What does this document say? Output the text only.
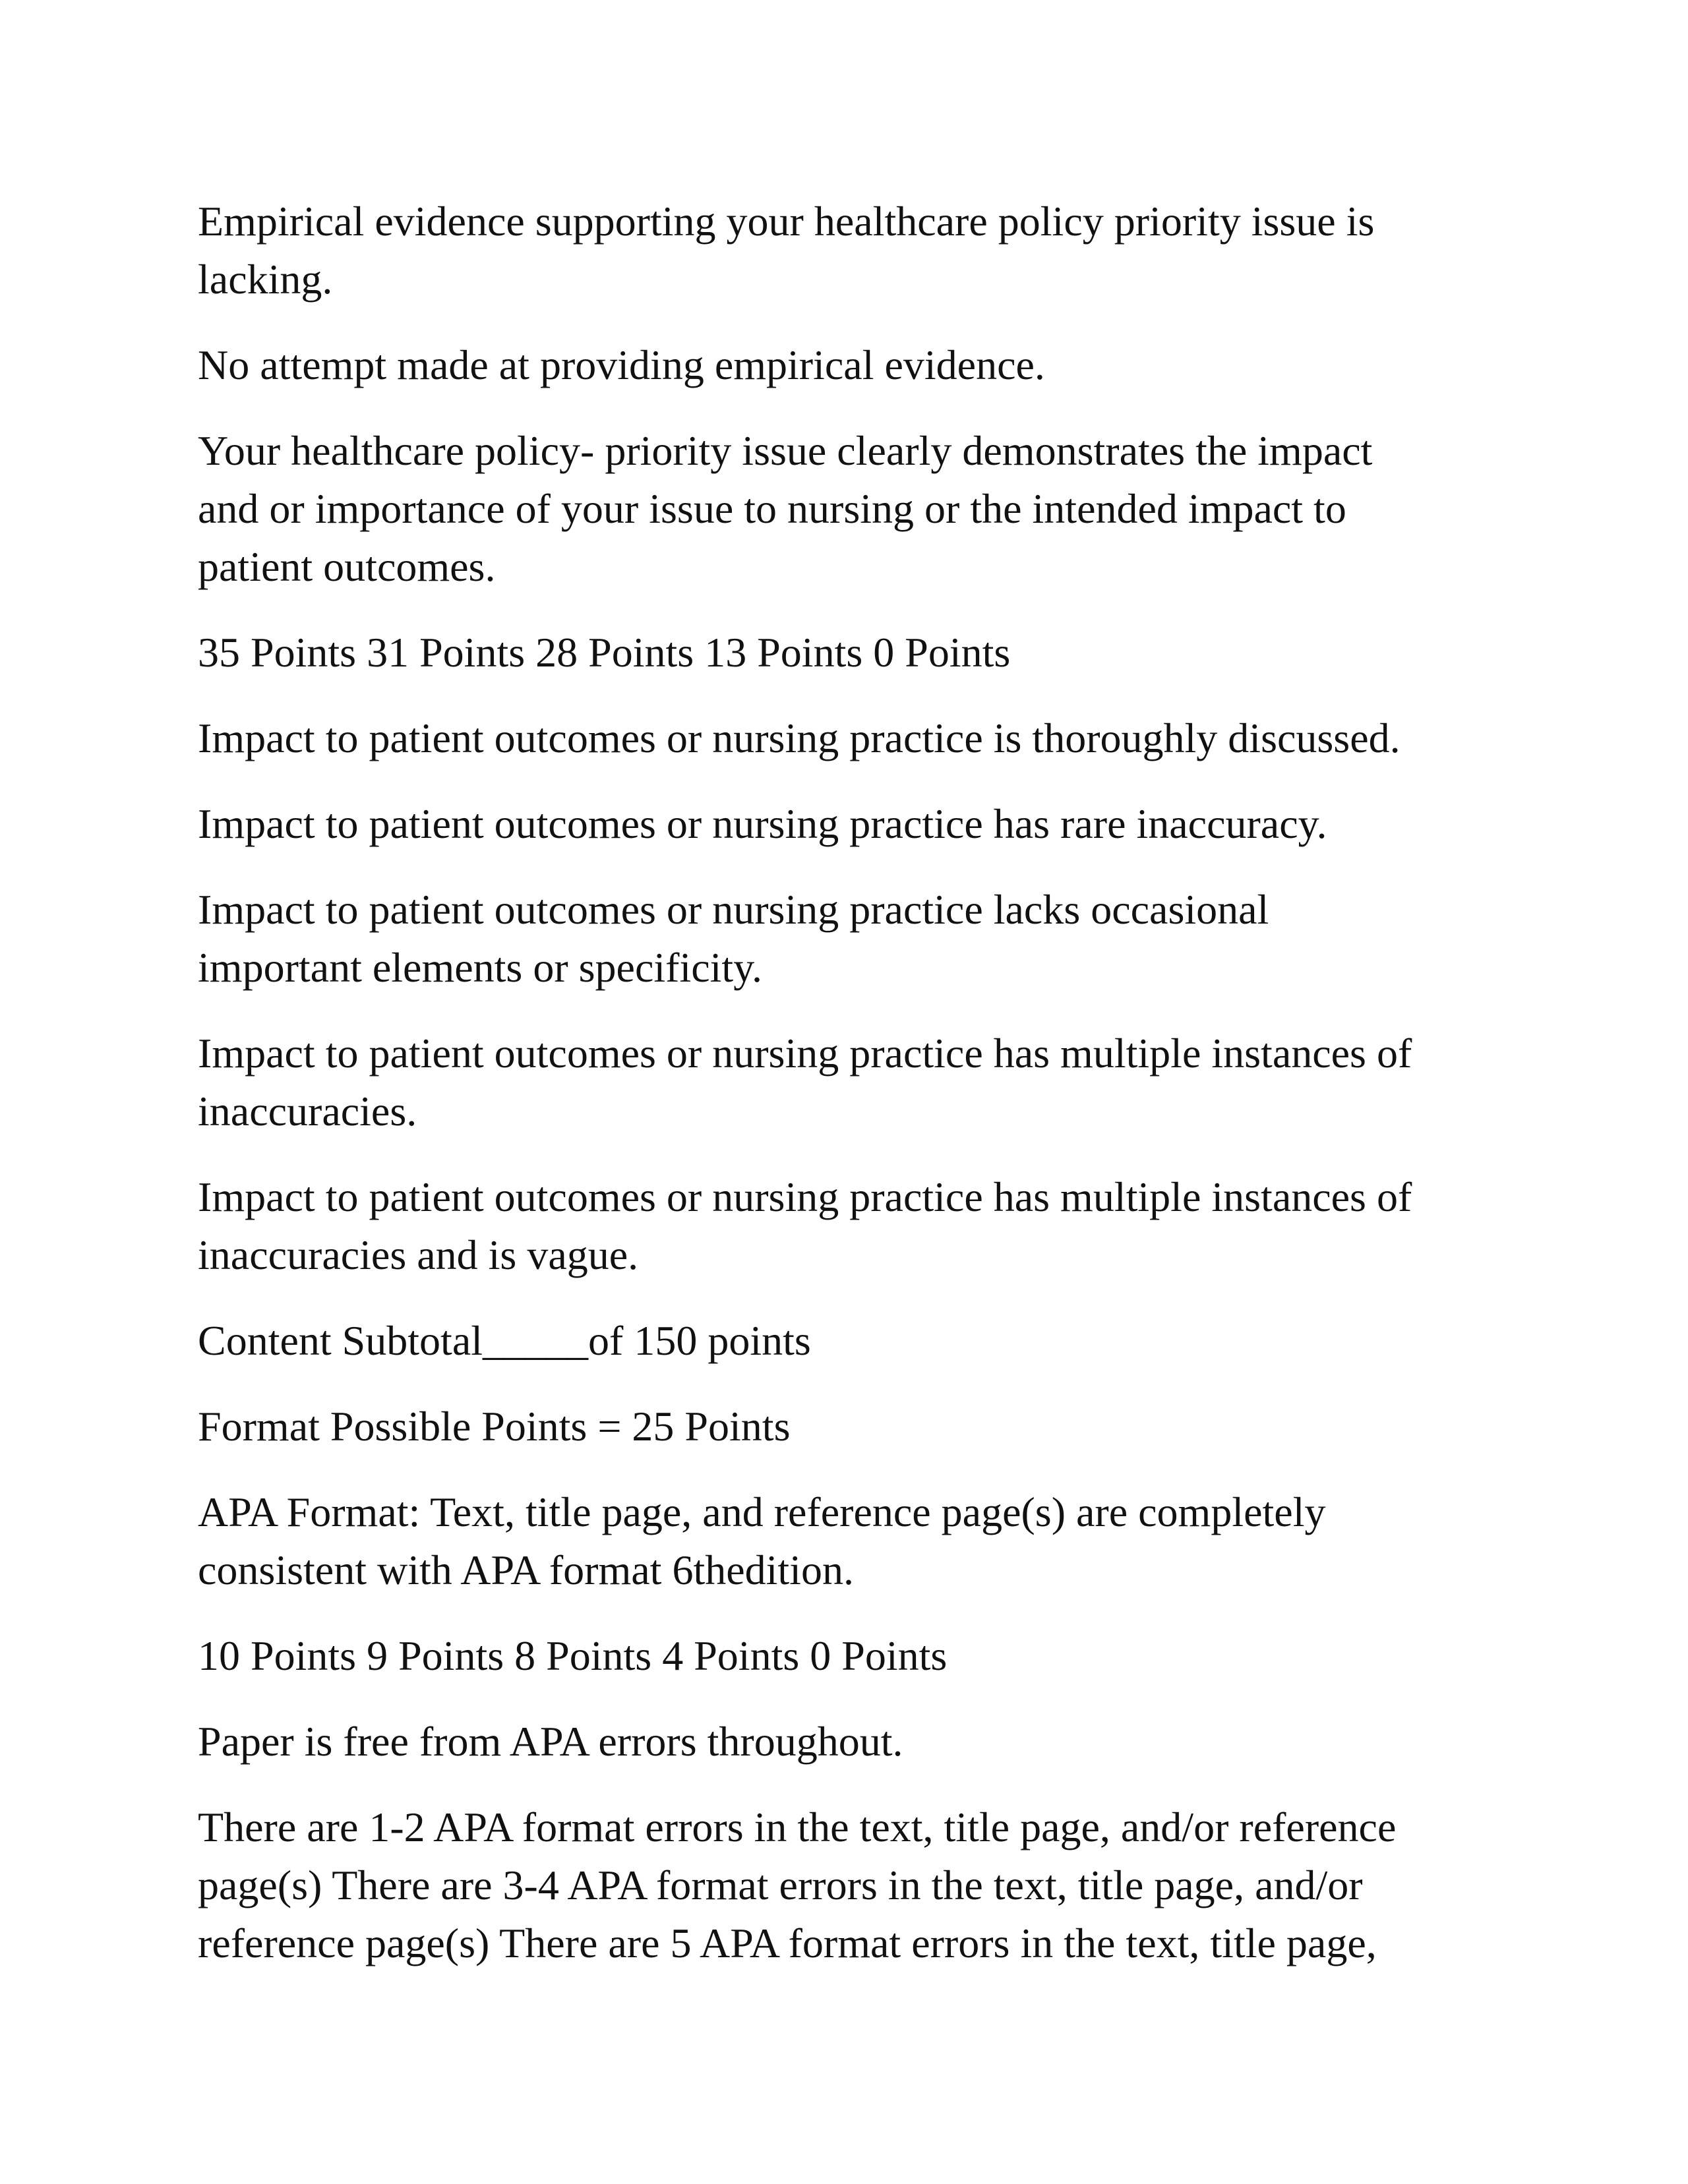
Empirical evidence supporting your healthcare policy priority issue is
lacking.

No attempt made at providing empirical evidence.

Your healthcare policy- priority issue clearly demonstrates the impact
and or importance of your issue to nursing or the intended impact to
patient outcomes.

35 Points 31 Points 28 Points 13 Points 0 Points

Impact to patient outcomes or nursing practice is thoroughly discussed.

Impact to patient outcomes or nursing practice has rare inaccuracy.

Impact to patient outcomes or nursing practice lacks occasional
important elements or specificity.

Impact to patient outcomes or nursing practice has multiple instances of
inaccuracies.

Impact to patient outcomes or nursing practice has multiple instances of
inaccuracies and is vague.

Content Subtotal_____of 150 points

Format Possible Points = 25 Points

APA Format: Text, title page, and reference page(s) are completely
consistent with APA format 6thedition.

10 Points 9 Points 8 Points 4 Points 0 Points

Paper is free from APA errors throughout.

There are 1-2 APA format errors in the text, title page, and/or reference
page(s) There are 3-4 APA format errors in the text, title page, and/or
reference page(s) There are 5 APA format errors in the text, title page,
